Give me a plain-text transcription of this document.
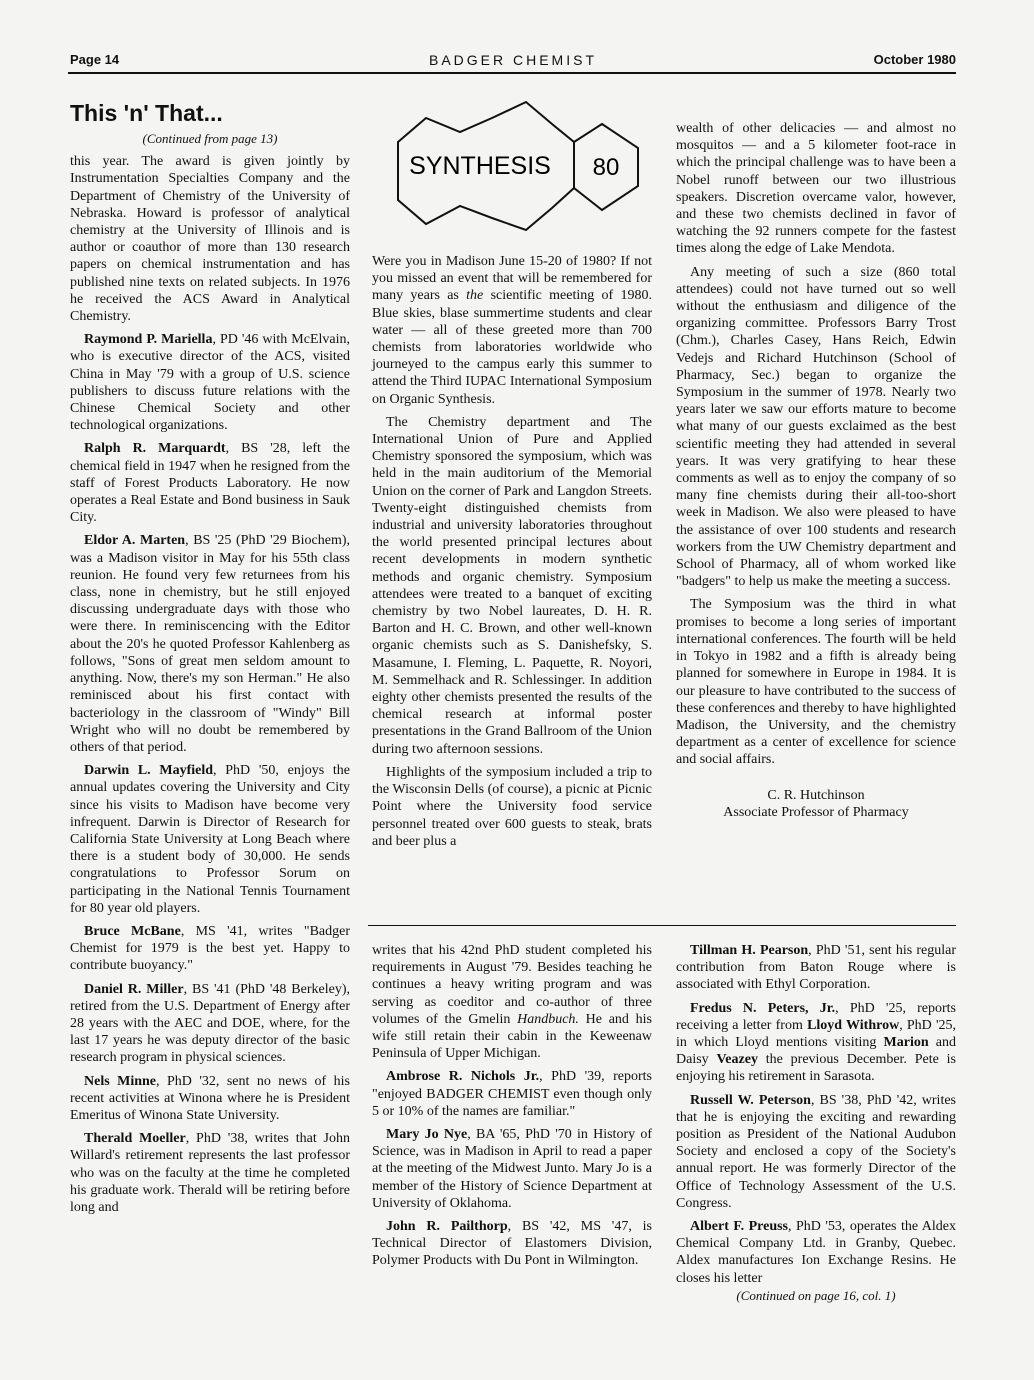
Page 14	BADGER CHEMIST	October 1980
This 'n' That...
(Continued from page 13)

this year. The award is given jointly by Instrumentation Specialties Company and the Department of Chemistry of the University of Nebraska. Howard is professor of analytical chemistry at the University of Illinois and is author or coauthor of more than 130 research papers on chemical instrumentation and has published nine texts on related subjects. In 1976 he received the ACS Award in Analytical Chemistry.

Raymond P. Mariella, PD '46 with McElvain, who is executive director of the ACS, visited China in May '79 with a group of U.S. science publishers to discuss future relations with the Chinese Chemical Society and other technological organizations.

Ralph R. Marquardt, BS '28, left the chemical field in 1947 when he resigned from the staff of Forest Products Laboratory. He now operates a Real Estate and Bond business in Sauk City.

Eldor A. Marten, BS '25 (PhD '29 Biochem), was a Madison visitor in May for his 55th class reunion. He found very few returnees from his class, none in chemistry, but he still enjoyed discussing undergraduate days with those who were there. In reminiscencing with the Editor about the 20's he quoted Professor Kahlenberg as follows, "Sons of great men seldom amount to anything. Now, there's my son Herman." He also reminisced about his first contact with bacteriology in the classroom of "Windy" Bill Wright who will no doubt be remembered by others of that period.

Darwin L. Mayfield, PhD '50, enjoys the annual updates covering the University and City since his visits to Madison have become very infrequent. Darwin is Director of Research for California State University at Long Beach where there is a student body of 30,000. He sends congratulations to Professor Sorum on participating in the National Tennis Tournament for 80 year old players.

Bruce McBane, MS '41, writes "Badger Chemist for 1979 is the best yet. Happy to contribute buoyancy."

Daniel R. Miller, BS '41 (PhD '48 Berkeley), retired from the U.S. Department of Energy after 28 years with the AEC and DOE, where, for the last 17 years he was deputy director of the basic research program in physical sciences.

Nels Minne, PhD '32, sent no news of his recent activities at Winona where he is President Emeritus of Winona State University.

Therald Moeller, PhD '38, writes that John Willard's retirement represents the last professor who was on the faculty at the time he completed his graduate work. Therald will be retiring before long and

SYNTHESIS 80

Were you in Madison June 15-20 of 1980? If not you missed an event that will be remembered for many years as the scientific meeting of 1980. Blue skies, blase summertime students and clear water — all of these greeted more than 700 chemists from laboratories worldwide who journeyed to the campus early this summer to attend the Third IUPAC International Symposium on Organic Synthesis.

The Chemistry department and The International Union of Pure and Applied Chemistry sponsored the symposium, which was held in the main auditorium of the Memorial Union on the corner of Park and Langdon Streets. Twenty-eight distinguished chemists from industrial and university laboratories throughout the world presented principal lectures about recent developments in modern synthetic methods and organic chemistry. Symposium attendees were treated to a banquet of exciting chemistry by two Nobel laureates, D. H. R. Barton and H. C. Brown, and other well-known organic chemists such as S. Danishefsky, S. Masamune, I. Fleming, L. Paquette, R. Noyori, M. Semmelhack and R. Schlessinger. In addition eighty other chemists presented the results of the chemical research at informal poster presentations in the Grand Ballroom of the Union during two afternoon sessions.

Highlights of the symposium included a trip to the Wisconsin Dells (of course), a picnic at Picnic Point where the University food service personnel treated over 600 guests to steak, brats and beer plus a

wealth of other delicacies — and almost no mosquitos — and a 5 kilometer foot-race in which the principal challenge was to have been a Nobel runoff between our two illustrious speakers. Discretion overcame valor, however, and these two chemists declined in favor of watching the 92 runners compete for the fastest times along the edge of Lake Mendota.

Any meeting of such a size (860 total attendees) could not have turned out so well without the enthusiasm and diligence of the organizing committee. Professors Barry Trost (Chm.), Charles Casey, Hans Reich, Edwin Vedejs and Richard Hutchinson (School of Pharmacy, Sec.) began to organize the Symposium in the summer of 1978. Nearly two years later we saw our efforts mature to become what many of our guests exclaimed as the best scientific meeting they had attended in several years. It was very gratifying to hear these comments as well as to enjoy the company of so many fine chemists during their all-too-short week in Madison. We also were pleased to have the assistance of over 100 students and research workers from the UW Chemistry department and School of Pharmacy, all of whom worked like "badgers" to help us make the meeting a success.

The Symposium was the third in what promises to become a long series of important international conferences. The fourth will be held in Tokyo in 1982 and a fifth is already being planned for somewhere in Europe in 1984. It is our pleasure to have contributed to the success of these conferences and thereby to have highlighted Madison, the University, and the chemistry department as a center of excellence for science and social affairs.

C. R. Hutchinson

Associate Professor of Pharmacy

writes that his 42nd PhD student completed his requirements in August '79. Besides teaching he continues a heavy writing program and was serving as coeditor and co-author of three volumes of the Gmelin Handbuch. He and his wife still retain their cabin in the Keweenaw Peninsula of Upper Michigan.

Ambrose R. Nichols Jr., PhD '39, reports "enjoyed BADGER CHEMIST even though only 5 or 10% of the names are familiar."

Mary Jo Nye, BA '65, PhD '70 in History of Science, was in Madison in April to read a paper at the meeting of the Midwest Junto. Mary Jo is a member of the History of Science Department at University of Oklahoma.

John R. Pailthorp, BS '42, MS '47, is Technical Director of Elastomers Division, Polymer Products with Du Pont in Wilmington.

Tillman H. Pearson, PhD '51, sent his regular contribution from Baton Rouge where is associated with Ethyl Corporation.

Fredus N. Peters, Jr., PhD '25, reports receiving a letter from Lloyd Withrow, PhD '25, in which Lloyd mentions visiting Marion and Daisy Veazey the previous December. Pete is enjoying his retirement in Sarasota.

Russell W. Peterson, BS '38, PhD '42, writes that he is enjoying the exciting and rewarding position as President of the National Audubon Society and enclosed a copy of the Society's annual report. He was formerly Director of the Office of Technology Assessment of the U.S. Congress.

Albert F. Preuss, PhD '53, operates the Aldex Chemical Company Ltd. in Granby, Quebec. Aldex manufactures Ion Exchange Resins. He closes his letter

(Continued on page 16, col. 1)
